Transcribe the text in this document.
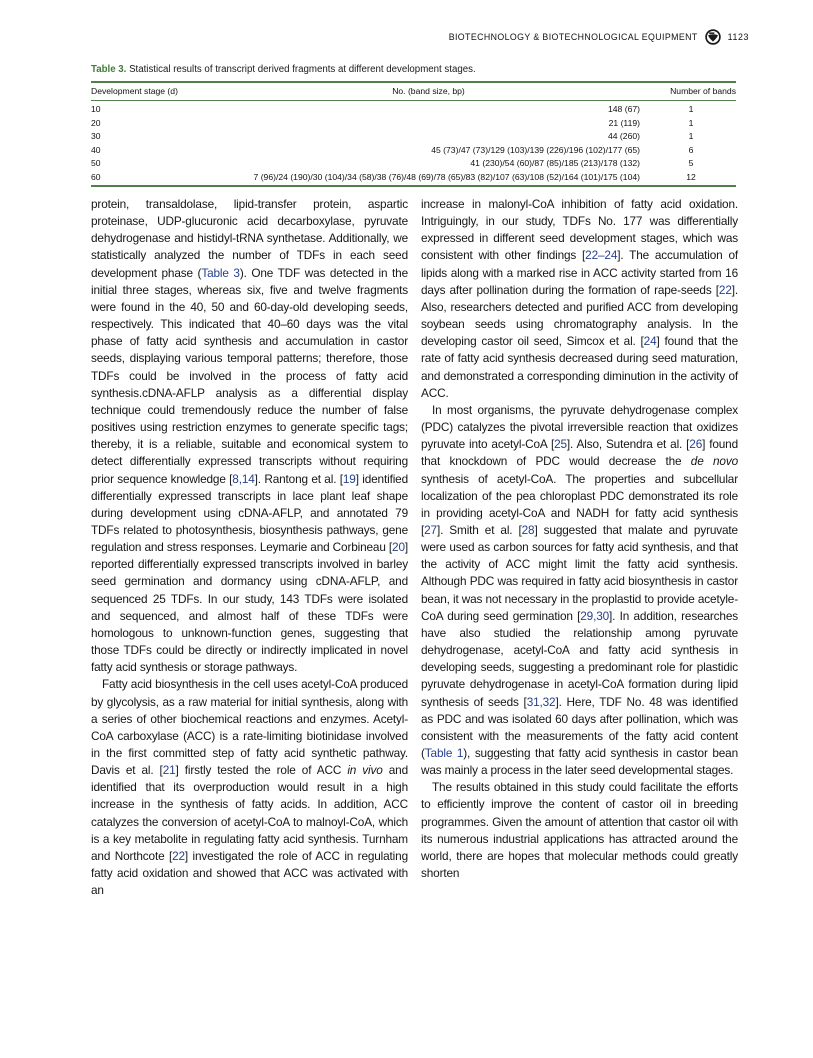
BIOTECHNOLOGY & BIOTECHNOLOGICAL EQUIPMENT	1123

Table 3. Statistical results of transcript derived fragments at different development stages.

Development stage (d)	No. (band size, bp)	Number of bands
10	148 (67)	1
20	21 (119)	1
30	44 (260)	1
40	45 (73)/47 (73)/129 (103)/139 (226)/196 (102)/177 (65)	6
50	41 (230)/54 (60)/87 (85)/185 (213)/178 (132)	5
60	7 (96)/24 (190)/30 (104)/34 (58)/38 (76)/48 (69)/78 (65)/83 (82)/107 (63)/108 (52)/164 (101)/175 (104)	12

protein, transaldolase, lipid-transfer protein, aspartic proteinase, UDP-glucuronic acid decarboxylase, pyruvate dehydrogenase and histidyl-tRNA synthetase. Additionally, we statistically analyzed the number of TDFs in each seed development phase (Table 3). One TDF was detected in the initial three stages, whereas six, five and twelve fragments were found in the 40, 50 and 60-day-old developing seeds, respectively. This indicated that 40–60 days was the vital phase of fatty acid synthesis and accumulation in castor seeds, displaying various temporal patterns; therefore, those TDFs could be involved in the process of fatty acid synthesis.cDNA-AFLP analysis as a differential display technique could tremendously reduce the number of false positives using restriction enzymes to generate specific tags; thereby, it is a reliable, suitable and economical system to detect differentially expressed transcripts without requiring prior sequence knowledge [8,14]. Rantong et al. [19] identified differentially expressed transcripts in lace plant leaf shape during development using cDNA-AFLP, and annotated 79 TDFs related to photosynthesis, biosynthesis pathways, gene regulation and stress responses. Leymarie and Corbineau [20] reported differentially expressed transcripts involved in barley seed germination and dormancy using cDNA-AFLP, and sequenced 25 TDFs. In our study, 143 TDFs were isolated and sequenced, and almost half of these TDFs were homologous to unknown-function genes, suggesting that those TDFs could be directly or indirectly implicated in novel fatty acid synthesis or storage pathways.

Fatty acid biosynthesis in the cell uses acetyl-CoA produced by glycolysis, as a raw material for initial synthesis, along with a series of other biochemical reactions and enzymes. Acetyl-CoA carboxylase (ACC) is a rate-limiting biotinidase involved in the first committed step of fatty acid synthetic pathway. Davis et al. [21] firstly tested the role of ACC in vivo and identified that its overproduction would result in a high increase in the synthesis of fatty acids. In addition, ACC catalyzes the conversion of acetyl-CoA to malnoyl-CoA, which is a key metabolite in regulating fatty acid synthesis. Turnham and Northcote [22] investigated the role of ACC in regulating fatty acid oxidation and showed that ACC was activated with an

increase in malonyl-CoA inhibition of fatty acid oxidation. Intriguingly, in our study, TDFs No. 177 was differentially expressed in different seed development stages, which was consistent with other findings [22–24]. The accumulation of lipids along with a marked rise in ACC activity started from 16 days after pollination during the formation of rape-seeds [22]. Also, researchers detected and purified ACC from developing soybean seeds using chromatography analysis. In the developing castor oil seed, Simcox et al. [24] found that the rate of fatty acid synthesis decreased during seed maturation, and demonstrated a corresponding diminution in the activity of ACC.

In most organisms, the pyruvate dehydrogenase complex (PDC) catalyzes the pivotal irreversible reaction that oxidizes pyruvate into acetyl-CoA [25]. Also, Sutendra et al. [26] found that knockdown of PDC would decrease the de novo synthesis of acetyl-CoA. The properties and subcellular localization of the pea chloroplast PDC demonstrated its role in providing acetyl-CoA and NADH for fatty acid synthesis [27]. Smith et al. [28] suggested that malate and pyruvate were used as carbon sources for fatty acid synthesis, and that the activity of ACC might limit the fatty acid synthesis. Although PDC was required in fatty acid biosynthesis in castor bean, it was not necessary in the proplastid to provide acetyle-CoA during seed germination [29,30]. In addition, researches have also studied the relationship among pyruvate dehydrogenase, acetyl-CoA and fatty acid synthesis in developing seeds, suggesting a predominant role for plastidic pyruvate dehydrogenase in acetyl-CoA formation during lipid synthesis of seeds [31,32]. Here, TDF No. 48 was identified as PDC and was isolated 60 days after pollination, which was consistent with the measurements of the fatty acid content (Table 1), suggesting that fatty acid synthesis in castor bean was mainly a process in the later seed developmental stages.

The results obtained in this study could facilitate the efforts to efficiently improve the content of castor oil in breeding programmes. Given the amount of attention that castor oil with its numerous industrial applications has attracted around the world, there are hopes that molecular methods could greatly shorten
